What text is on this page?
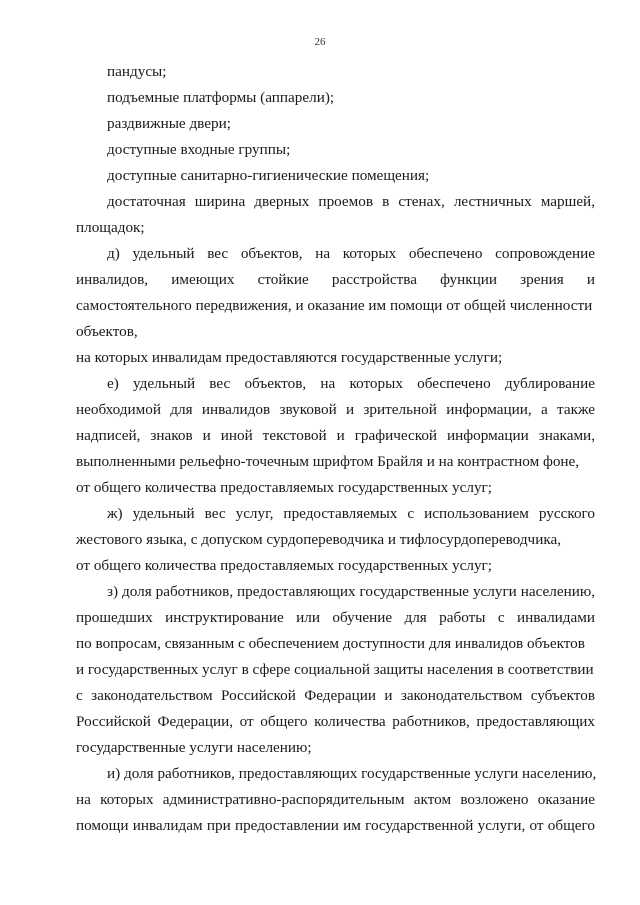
26
пандусы;
подъемные платформы (аппарели);
раздвижные двери;
доступные входные группы;
доступные санитарно-гигиенические помещения;
достаточная ширина дверных проемов в стенах, лестничных маршей,
площадок;
д) удельный вес объектов, на которых обеспечено сопровождение
инвалидов, имеющих стойкие расстройства функции зрения и
самостоятельного передвижения, и оказание им помощи от общей численности
объектов,
на которых инвалидам предоставляются государственные услуги;
е) удельный вес объектов, на которых обеспечено дублирование
необходимой для инвалидов звуковой и зрительной информации, а также
надписей, знаков и иной текстовой и графической информации знаками,
выполненными рельефно-точечным шрифтом Брайля и на контрастном фоне,
от общего количества предоставляемых государственных услуг;
ж) удельный вес услуг, предоставляемых с использованием русского
жестового языка, с допуском сурдопереводчика и тифлосурдопереводчика,
от общего количества предоставляемых государственных услуг;
з) доля работников, предоставляющих государственные услуги населению,
прошедших инструктирование или обучение для работы с инвалидами
по вопросам, связанным с обеспечением доступности для инвалидов объектов
и государственных услуг в сфере социальной защиты населения в соответствии
с законодательством Российской Федерации и законодательством субъектов
Российской Федерации, от общего количества работников, предоставляющих
государственные услуги населению;
и) доля работников, предоставляющих государственные услуги населению,
на которых административно-распорядительным актом возложено оказание
помощи инвалидам при предоставлении им государственной услуги, от общего
